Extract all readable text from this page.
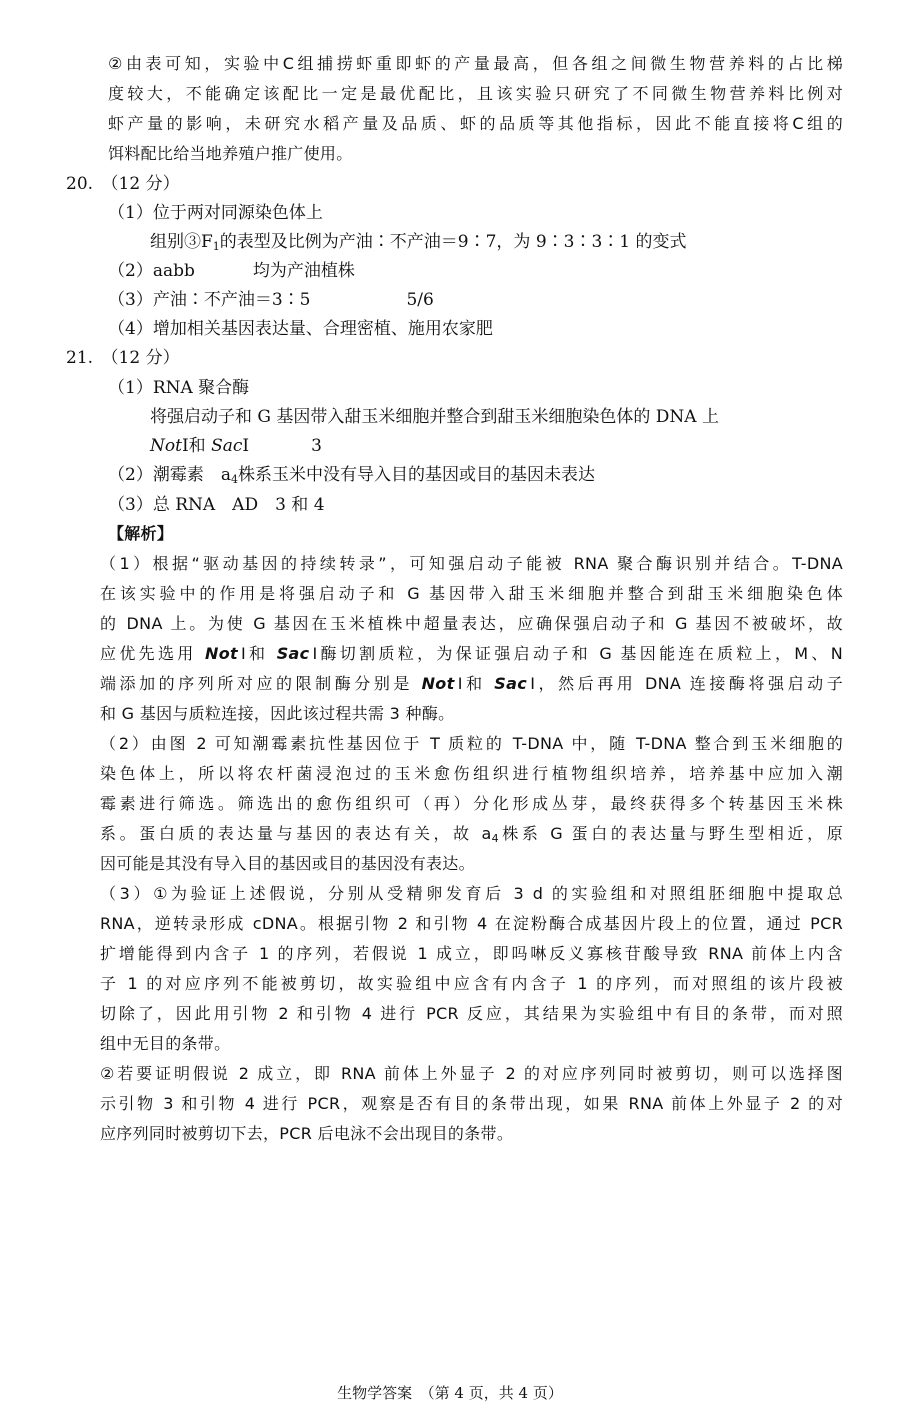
②由表可知，实验中C组捕捞虾重即虾的产量最高，但各组之间微生物营养料的占比梯
度较大，不能确定该配比一定是最优配比，且该实验只研究了不同微生物营养料比例对
虾产量的影响，未研究水稻产量及品质、虾的品质等其他指标，因此不能直接将C组的
饵料配比给当地养殖户推广使用。
20.　（12 分）
（1）位于两对同源染色体上
组别$③F_1$的表型及比例为产油∶不产油＝9∶7，为 9∶3∶3∶1 的变式
（2）aabb	均为产油植株
（3）产油∶不产油＝3∶5	5/6
（4）增加相关基因表达量、合理密植、施用农家肥
21.　（12 分）
（1）RNA 聚合酶
将强启动子和 G 基因带入甜玉米细胞并整合到甜玉米细胞染色体的 DNA 上
NotⅠ和 SacⅠ	3
（2）潮霉素　$a_4$株系玉米中没有导入目的基因或目的基因未表达
（3）总 RNA　AD　3 和 4
【解析】
（1）根据“驱动基因的持续转录”，可知强启动子能被 RNA 聚合酶识别并结合。T-DNA
在该实验中的作用是将强启动子和 G 基因带入甜玉米细胞并整合到甜玉米细胞染色体
的 DNA 上。为使 G 基因在玉米植株中超量表达，应确保强启动子和 G 基因不被破坏，故
应优先选用 NotⅠ和 SacⅠ酶切割质粒，为保证强启动子和 G 基因能连在质粒上，M、N
端添加的序列所对应的限制酶分别是 NotⅠ和 SacⅠ，然后再用 DNA 连接酶将强启动子
和 G 基因与质粒连接，因此该过程共需 3 种酶。
（2）由图 2 可知潮霉素抗性基因位于 T 质粒的 T-DNA 中，随 T-DNA 整合到玉米细胞的
染色体上，所以将农杆菌浸泡过的玉米愈伤组织进行植物组织培养，培养基中应加入潮
霉素进行筛选。筛选出的愈伤组织可（再）分化形成丛芽，最终获得多个转基因玉米株
系。蛋白质的表达量与基因的表达有关，故 $a_4$株系 G 蛋白的表达量与野生型相近，原
因可能是其没有导入目的基因或目的基因没有表达。
（3）①为验证上述假说，分别从受精卵发育后 3 d 的实验组和对照组胚细胞中提取总
RNA，逆转录形成 cDNA。根据引物 2 和引物 4 在淀粉酶合成基因片段上的位置，通过 PCR
扩增能得到内含子 1 的序列，若假说 1 成立，即吗啉反义寡核苷酸导致 RNA 前体上内含
子 1 的对应序列不能被剪切，故实验组中应含有内含子 1 的序列，而对照组的该片段被
切除了，因此用引物 2 和引物 4 进行 PCR 反应，其结果为实验组中有目的条带，而对照
组中无目的条带。
②若要证明假说 2 成立，即 RNA 前体上外显子 2 的对应序列同时被剪切，则可以选择图
示引物 3 和引物 4 进行 PCR，观察是否有目的条带出现，如果 RNA 前体上外显子 2 的对
应序列同时被剪切下去，PCR 后电泳不会出现目的条带。
生物学答案　（第 4 页，共 4 页）
